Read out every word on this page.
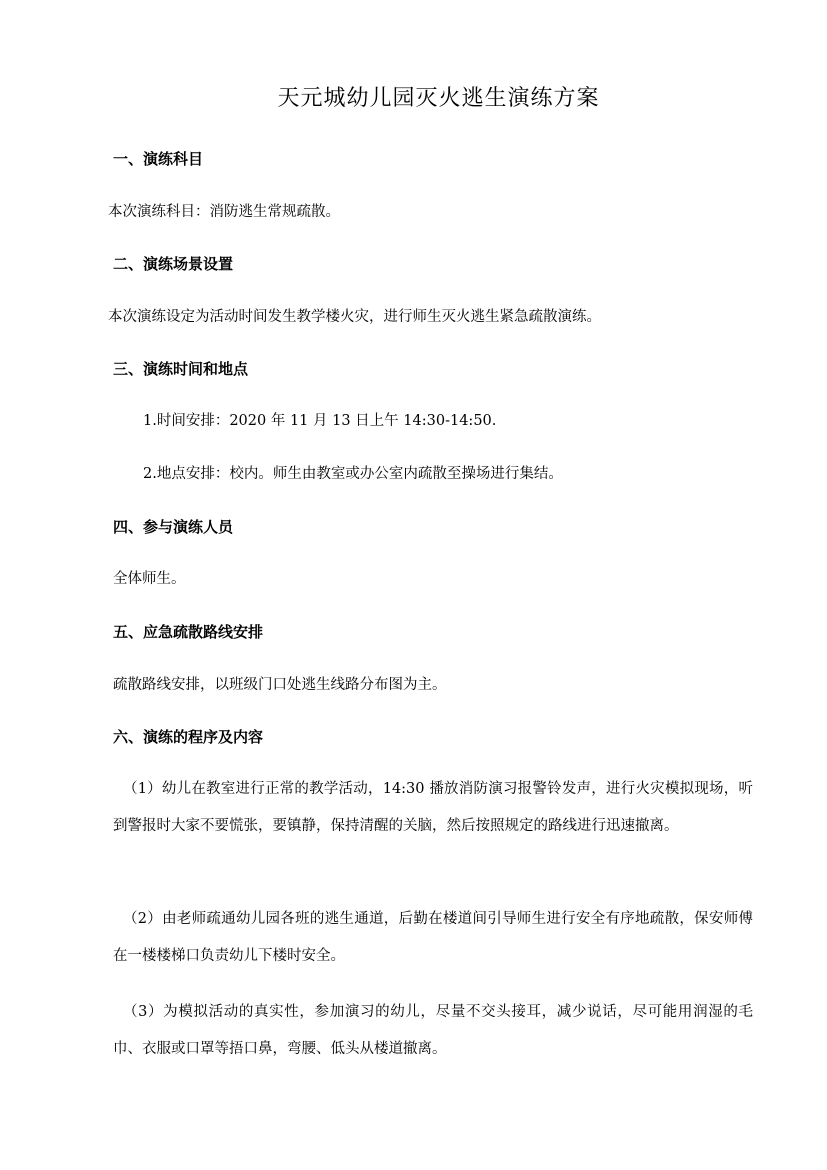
天元城幼儿园灭火逃生演练方案
一、演练科目
本次演练科目：消防逃生常规疏散。
二、演练场景设置
本次演练设定为活动时间发生教学楼火灾，进行师生灭火逃生紧急疏散演练。
三、演练时间和地点
1.时间安排：2020 年 11 月 13 日上午 14:30-14:50.
2.地点安排：校内。师生由教室或办公室内疏散至操场进行集结。
四、参与演练人员
全体师生。
五、应急疏散路线安排
疏散路线安排，以班级门口处逃生线路分布图为主。
六、演练的程序及内容
（1）幼儿在教室进行正常的教学活动，14:30 播放消防演习报警铃发声，进行火灾模拟现场，听到警报时大家不要慌张，要镇静，保持清醒的关脑，然后按照规定的路线进行迅速撤离。
（2）由老师疏通幼儿园各班的逃生通道，后勤在楼道间引导师生进行安全有序地疏散，保安师傅在一楼楼梯口负责幼儿下楼时安全。
（3）为模拟活动的真实性，参加演习的幼儿，尽量不交头接耳，减少说话，尽可能用润湿的毛巾、衣服或口罩等捂口鼻，弯腰、低头从楼道撤离。
